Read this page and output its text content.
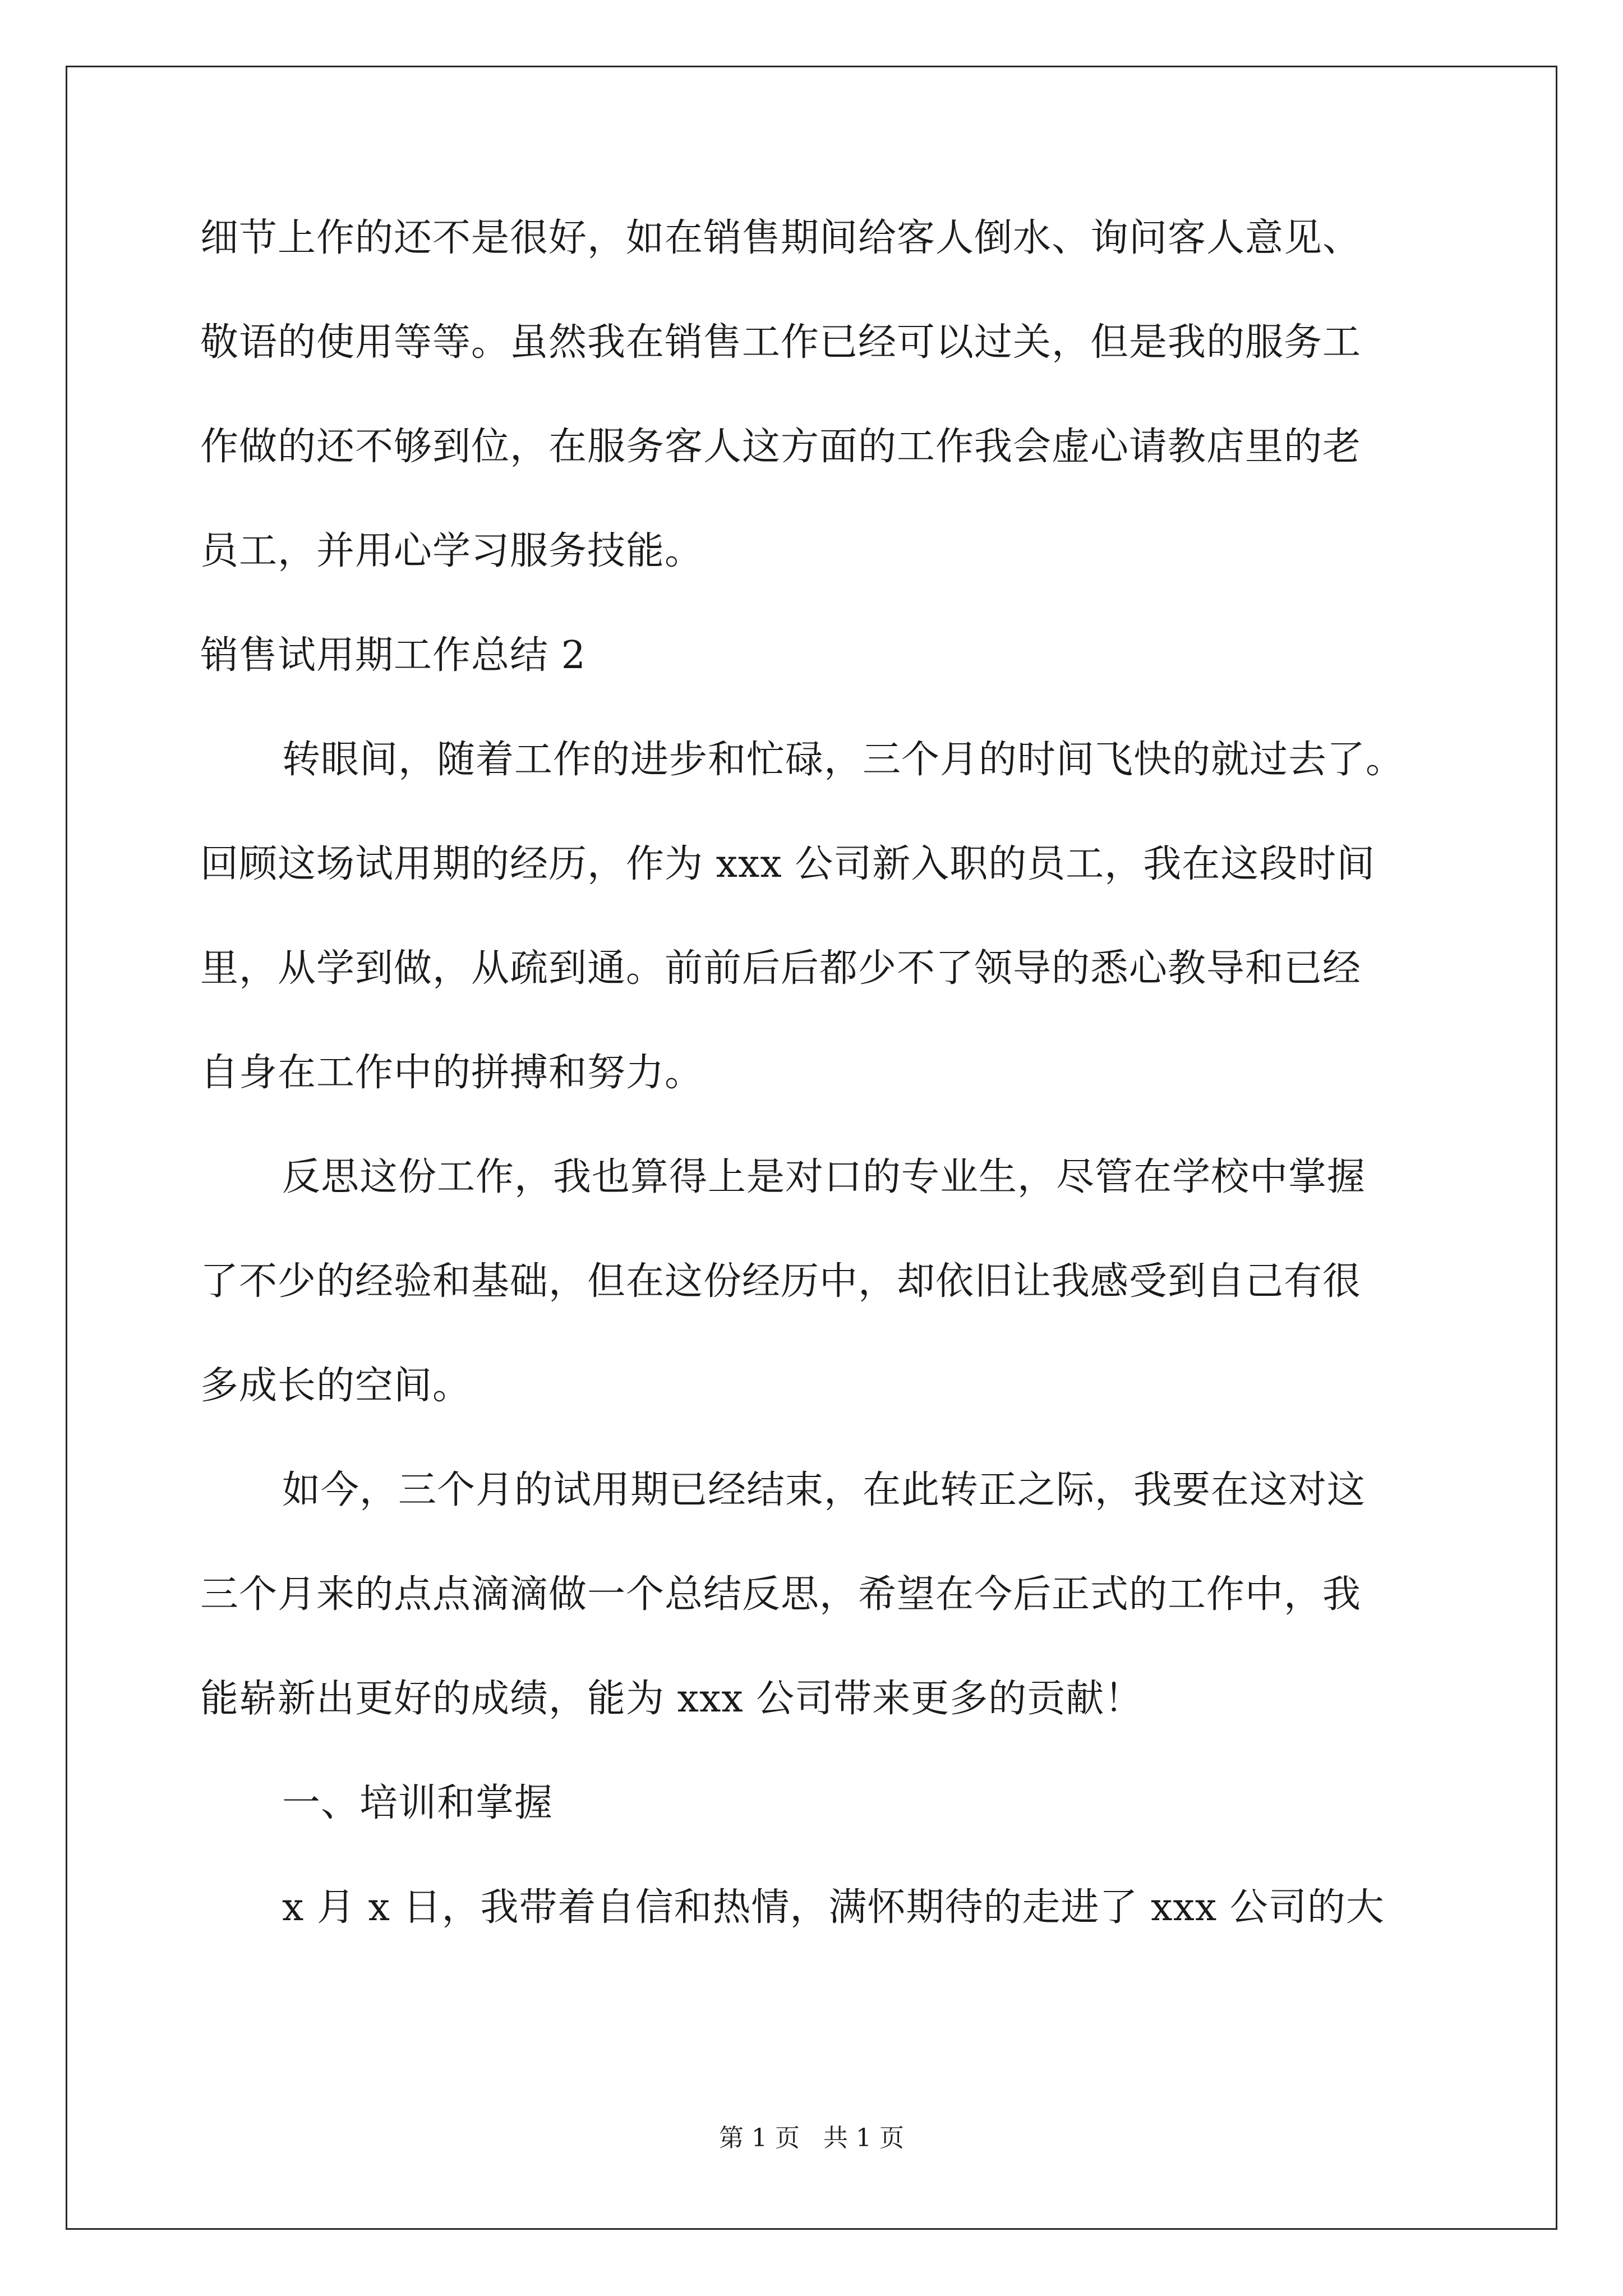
细节上作的还不是很好，如在销售期间给客人倒水、询问客人意见、
敬语的使用等等。虽然我在销售工作已经可以过关，但是我的服务工
作做的还不够到位，在服务客人这方面的工作我会虚心请教店里的老
员工，并用心学习服务技能。
销售试用期工作总结 2
转眼间，随着工作的进步和忙碌，三个月的时间飞快的就过去了。
回顾这场试用期的经历，作为 xxx 公司新入职的员工，我在这段时间
里，从学到做，从疏到通。前前后后都少不了领导的悉心教导和已经
自身在工作中的拼搏和努力。
反思这份工作，我也算得上是对口的专业生，尽管在学校中掌握
了不少的经验和基础，但在这份经历中，却依旧让我感受到自己有很
多成长的空间。
如今，三个月的试用期已经结束，在此转正之际，我要在这对这
三个月来的点点滴滴做一个总结反思，希望在今后正式的工作中，我
能崭新出更好的成绩，能为 xxx 公司带来更多的贡献！
一、培训和掌握
x 月 x 日，我带着自信和热情，满怀期待的走进了 xxx 公司的大
第 1 页   共 1 页
